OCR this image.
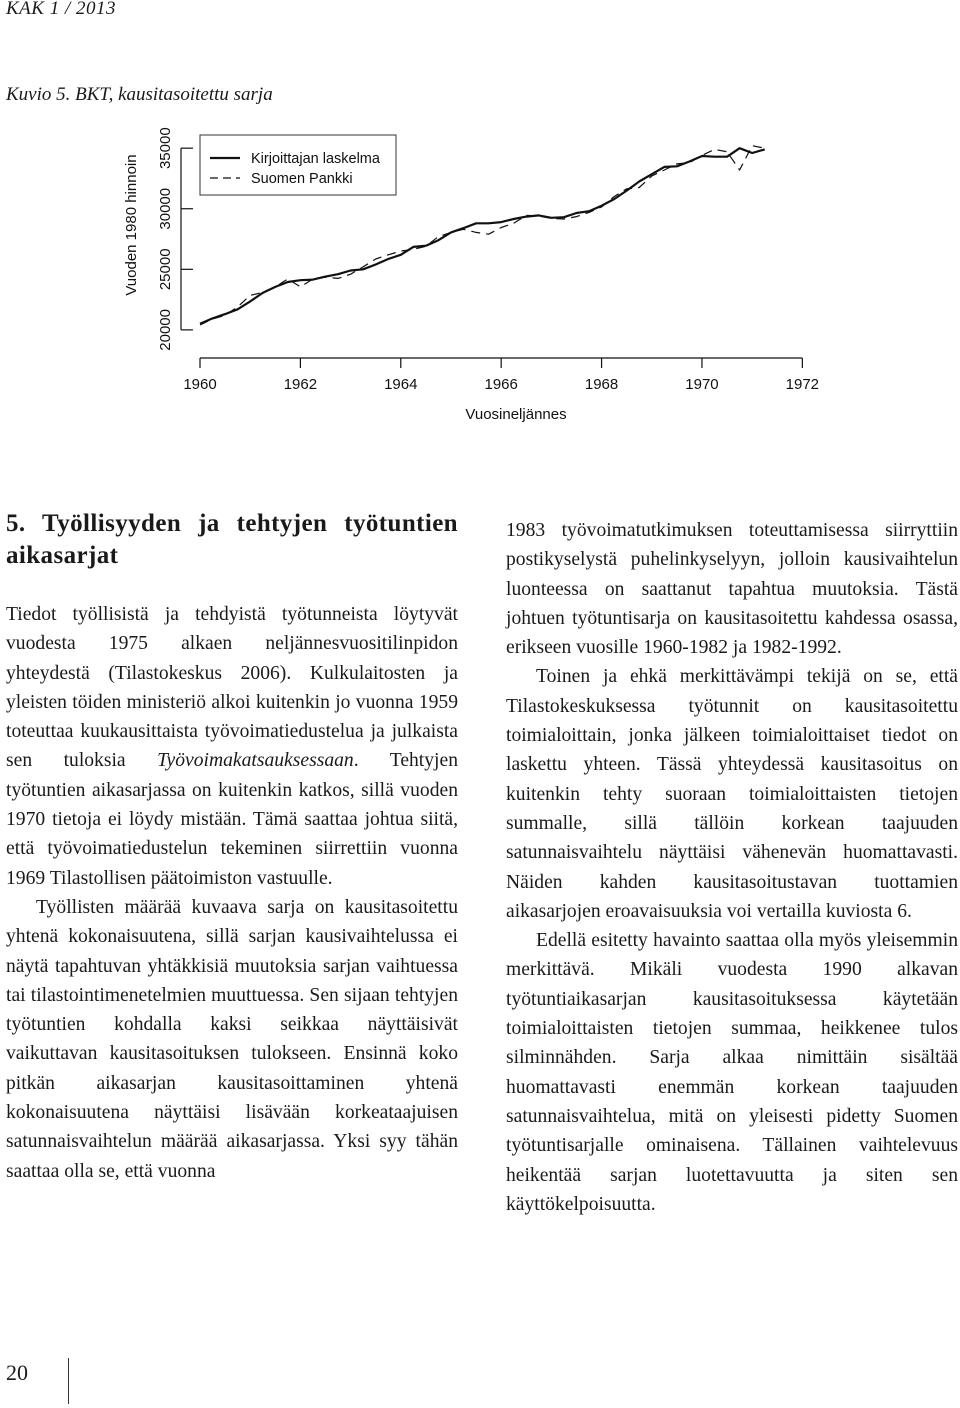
KAK 1 / 2013
Kuvio 5. BKT, kausitasoitettu sarja
20000
25000
30000
35000
Vuoden 1980 hinnoin
1960	1962	1964	1966	1968	1970	1972
Vuosineljännes
Kirjoittajan laskelma
Suomen Pankki
5. Työllisyyden ja tehtyjen työtuntien aikasarjat

Tiedot työllisistä ja tehdyistä työtunneista löytyvät vuodesta 1975 alkaen neljännesvuositilinpidon yhteydestä (Tilastokeskus 2006). Kulkulaitosten ja yleisten töiden ministeriö alkoi kuitenkin jo vuonna 1959 toteuttaa kuukausittaista työvoimatiedustelua ja julkaista sen tuloksia Työvoimakatsauksessaan. Tehtyjen työtuntien aikasarjassa on kuitenkin katkos, sillä vuoden 1970 tietoja ei löydy mistään. Tämä saattaa johtua siitä, että työvoimatiedustelun tekeminen siirrettiin vuonna 1969 Tilastollisen päätoimiston vastuulle.

Työllisten määrää kuvaava sarja on kausitasoitettu yhtenä kokonaisuutena, sillä sarjan kausivaihtelussa ei näytä tapahtuvan yhtäkkisiä muutoksia sarjan vaihtuessa tai tilastointimenetelmien muuttuessa. Sen sijaan tehtyjen työtuntien kohdalla kaksi seikkaa näyttäisivät vaikuttavan kausitasoituksen tulokseen. Ensinnä koko pitkän aikasarjan kausitasoittaminen yhtenä kokonaisuutena näyttäisi lisävään korkeataajuisen satunnaisvaihtelun määrää aikasarjassa. Yksi syy tähän saattaa olla se, että vuonna

1983 työvoimatutkimuksen toteuttamisessa siirryttiin postikyselystä puhelinkyselyyn, jolloin kausivaihtelun luonteessa on saattanut tapahtua muutoksia. Tästä johtuen työtuntisarja on kausitasoitettu kahdessa osassa, erikseen vuosille 1960-1982 ja 1982-1992.

Toinen ja ehkä merkittävämpi tekijä on se, että Tilastokeskuksessa työtunnit on kausitasoitettu toimialoittain, jonka jälkeen toimialoittaiset tiedot on laskettu yhteen. Tässä yhteydessä kausitasoitus on kuitenkin tehty suoraan toimialoittaisten tietojen summalle, sillä tällöin korkean taajuuden satunnaisvaihtelu näyttäisi vähenevän huomattavasti. Näiden kahden kausitasoitustavan tuottamien aikasarjojen eroavaisuuksia voi vertailla kuviosta 6.

Edellä esitetty havainto saattaa olla myös yleisemmin merkittävä. Mikäli vuodesta 1990 alkavan työtuntiaikasarjan kausitasoituksessa käytetään toimialoittaisten tietojen summaa, heikkenee tulos silminnähden. Sarja alkaa nimittäin sisältää huomattavasti enemmän korkean taajuuden satunnaisvaihtelua, mitä on yleisesti pidetty Suomen työtuntisarjalle ominaisena. Tällainen vaihtelevuus heikentää sarjan luotettavuutta ja siten sen käyttökelpoisuutta.

20
